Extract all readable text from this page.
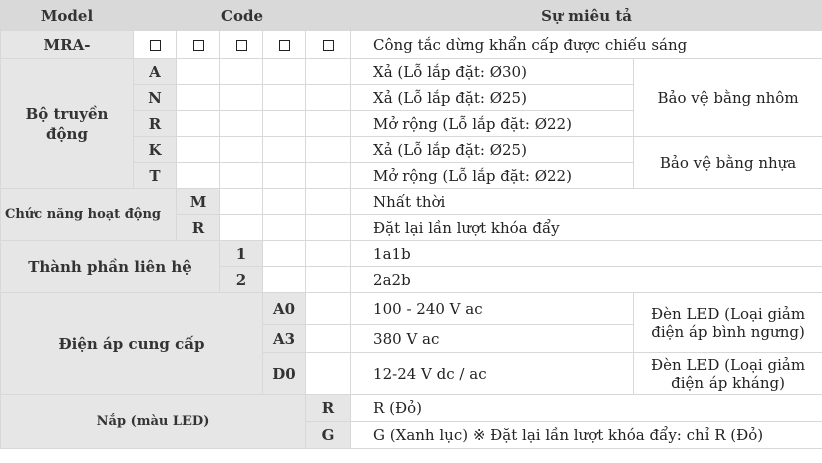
Model	Code					Sự miêu tả	
MRA-						Công tắc dừng khẩn cấp được chiếu sáng	
Bộ truyền động	A					Xả (Lỗ lắp đặt: Ø30)	Bảo vệ bằng nhôm
	N					Xả (Lỗ lắp đặt: Ø25)	
	R					Mở rộng (Lỗ lắp đặt: Ø22)	
	K					Xả (Lỗ lắp đặt: Ø25)	Bảo vệ bằng nhựa
	T					Mở rộng (Lỗ lắp đặt: Ø22)	
Chức năng hoạt động		M				Nhất thời	
		R				Đặt lại lần lượt khóa đẩy	
Thành phần liên hệ			1			1a1b	
			2			2a2b	
Điện áp cung cấp				A0		100 - 240 V ac	Đèn LED (Loại giảm điện áp bình ngưng)
				A3		380 V ac	
				D0		12-24 V dc / ac	Đèn LED (Loại giảm điện áp kháng)
Nắp (màu LED)					R	R (Đỏ)	
					G	G (Xanh lục) ※ Đặt lại lần lượt khóa đẩy: chỉ R (Đỏ)	
